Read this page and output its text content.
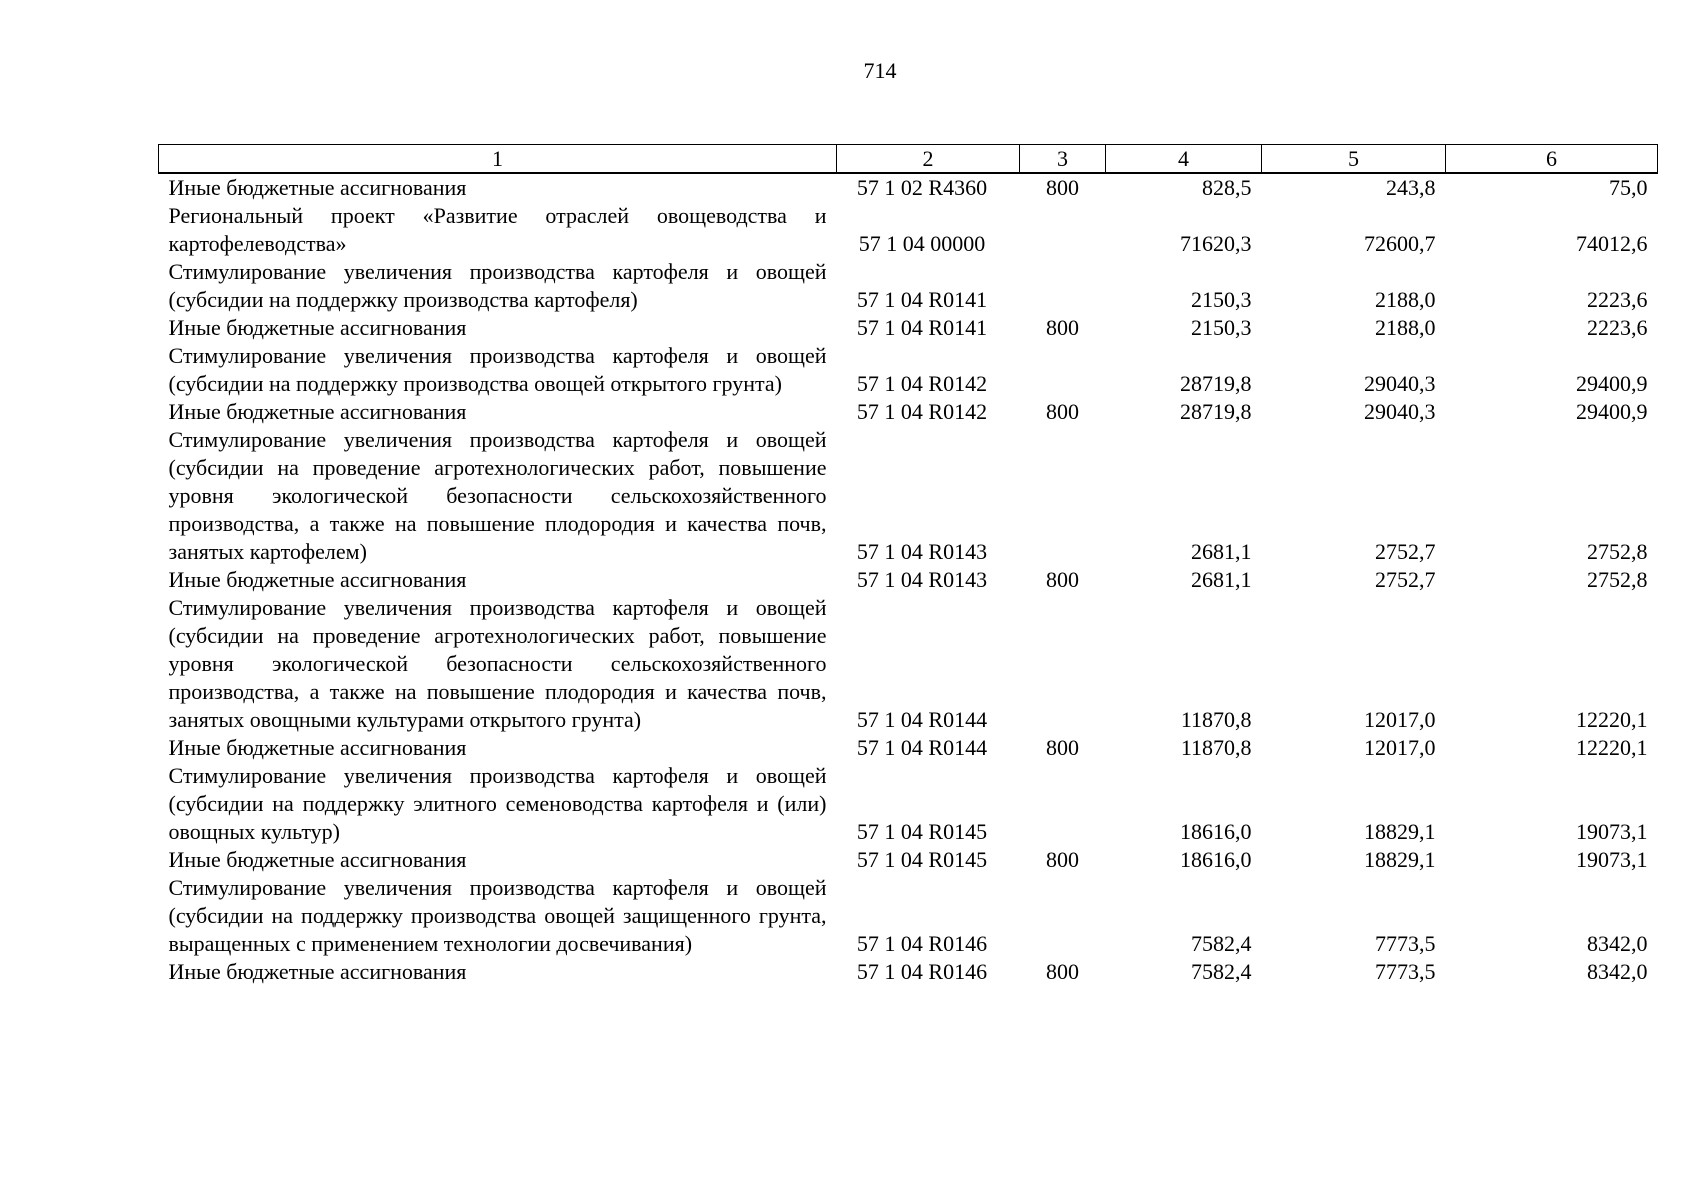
714
1	2	3	4	5	6
Иные бюджетные ассигнования	57 1 02 R4360	800	828,5	243,8	75,0
Региональный проект «Развитие отраслей овощеводства и картофелеводства»	57 1 04 00000		71620,3	72600,7	74012,6
Стимулирование увеличения производства картофеля и овощей (субсидии на поддержку производства картофеля)	57 1 04 R0141		2150,3	2188,0	2223,6
Иные бюджетные ассигнования	57 1 04 R0141	800	2150,3	2188,0	2223,6
Стимулирование увеличения производства картофеля и овощей (субсидии на поддержку производства овощей открытого грунта)	57 1 04 R0142		28719,8	29040,3	29400,9
Иные бюджетные ассигнования	57 1 04 R0142	800	28719,8	29040,3	29400,9
Стимулирование увеличения производства картофеля и овощей (субсидии на проведение агротехнологических работ, повышение уровня экологической безопасности сельскохозяйственного производства, а также на повышение плодородия и качества почв, занятых картофелем)	57 1 04 R0143		2681,1	2752,7	2752,8
Иные бюджетные ассигнования	57 1 04 R0143	800	2681,1	2752,7	2752,8
Стимулирование увеличения производства картофеля и овощей (субсидии на проведение агротехнологических работ, повышение уровня экологической безопасности сельскохозяйственного производства, а также на повышение плодородия и качества почв, занятых овощными культурами открытого грунта)	57 1 04 R0144		11870,8	12017,0	12220,1
Иные бюджетные ассигнования	57 1 04 R0144	800	11870,8	12017,0	12220,1
Стимулирование увеличения производства картофеля и овощей (субсидии на поддержку элитного семеноводства картофеля и (или) овощных культур)	57 1 04 R0145		18616,0	18829,1	19073,1
Иные бюджетные ассигнования	57 1 04 R0145	800	18616,0	18829,1	19073,1
Стимулирование увеличения производства картофеля и овощей (субсидии на поддержку производства овощей защищенного грунта, выращенных с применением технологии досвечивания)	57 1 04 R0146		7582,4	7773,5	8342,0
Иные бюджетные ассигнования	57 1 04 R0146	800	7582,4	7773,5	8342,0
